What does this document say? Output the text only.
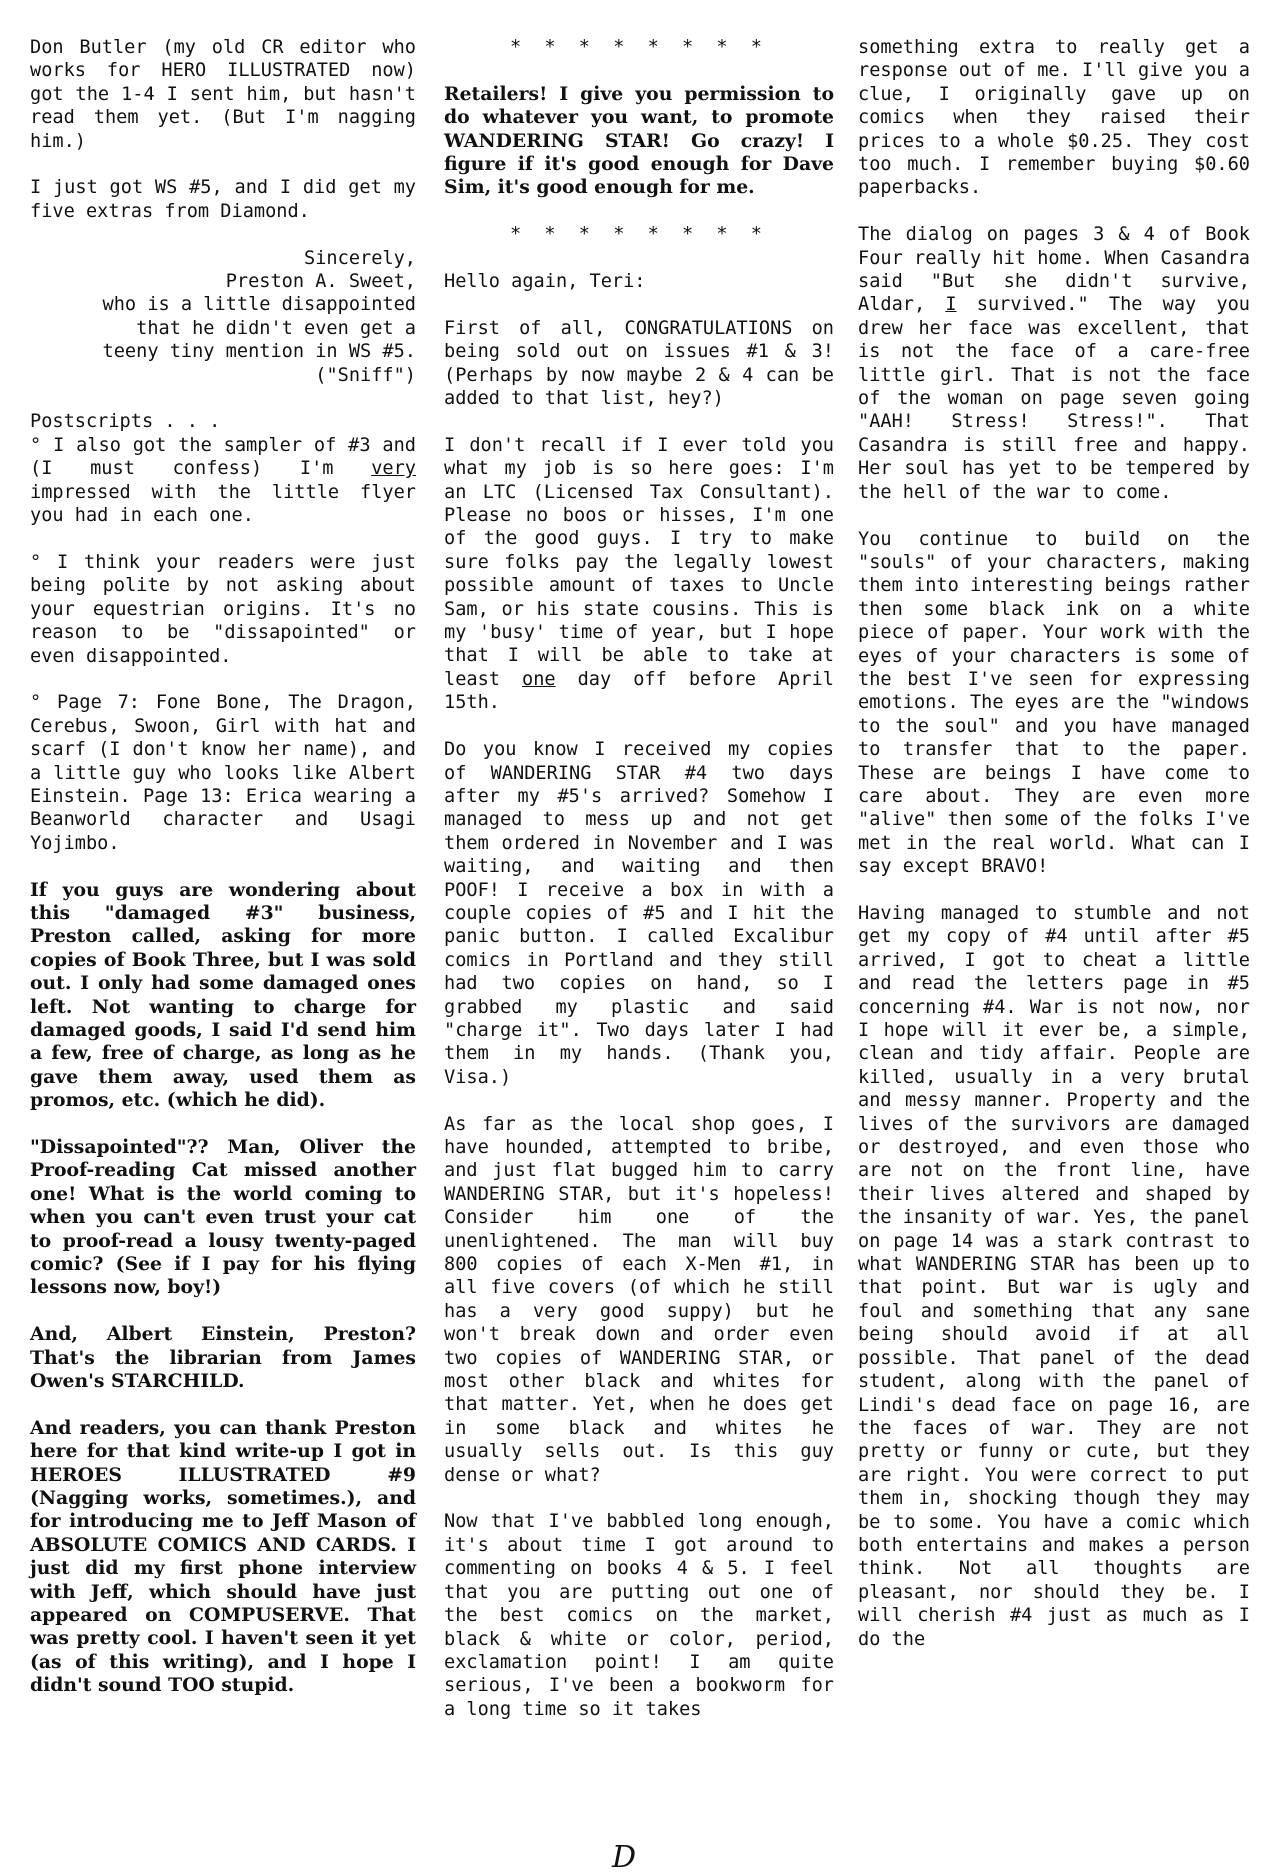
Don Butler (my old CR editor who works for HERO ILLUSTRATED now) got the 1-4 I sent him, but hasn't read them yet. (But I'm nagging him.)

I just got WS #5, and I did get my five extras from Diamond.

Sincerely,
Preston A. Sweet,
who is a little disappointed
that he didn't even get a
teeny tiny mention in WS #5.
("Sniff")

Postscripts . . .

° I also got the sampler of #3 and (I must confess) I'm very impressed with the little flyer you had in each one.

° I think your readers were just being polite by not asking about your equestrian origins. It's no reason to be "dissapointed" or even disappointed.

° Page 7: Fone Bone, The Dragon, Cerebus, Swoon, Girl with hat and scarf (I don't know her name), and a little guy who looks like Albert Einstein. Page 13: Erica wearing a Beanworld character and Usagi Yojimbo.

If you guys are wondering about this "damaged #3" business, Preston called, asking for more copies of Book Three, but I was sold out. I only had some damaged ones left. Not wanting to charge for damaged goods, I said I'd send him a few, free of charge, as long as he gave them away, used them as promos, etc. (which he did).

"Dissapointed"?? Man, Oliver the Proof-reading Cat missed another one! What is the world coming to when you can't even trust your cat to proof-read a lousy twenty-paged comic? (See if I pay for his flying lessons now, boy!)

And, Albert Einstein, Preston? That's the librarian from James Owen's STARCHILD.

And readers, you can thank Preston here for that kind write-up I got in HEROES ILLUSTRATED #9 (Nagging works, sometimes.), and for introducing me to Jeff Mason of ABSOLUTE COMICS AND CARDS. I just did my first phone interview with Jeff, which should have just appeared on COMPUSERVE. That was pretty cool. I haven't seen it yet (as of this writing), and I hope I didn't sound TOO stupid.

* * * * * * * *

Retailers! I give you permission to do whatever you want, to promote WANDERING STAR! Go crazy! I figure if it's good enough for Dave Sim, it's good enough for me.

* * * * * * * *

Hello again, Teri:

First of all, CONGRATULATIONS on being sold out on issues #1 & 3! (Perhaps by now maybe 2 & 4 can be added to that list, hey?)

I don't recall if I ever told you what my job is so here goes: I'm an LTC (Licensed Tax Consultant). Please no boos or hisses, I'm one of the good guys. I try to make sure folks pay the legally lowest possible amount of taxes to Uncle Sam, or his state cousins. This is my 'busy' time of year, but I hope that I will be able to take at least one day off before April 15th.

Do you know I received my copies of WANDERING STAR #4 two days after my #5's arrived? Somehow I managed to mess up and not get them ordered in November and I was waiting, and waiting and then POOF! I receive a box in with a couple copies of #5 and I hit the panic button. I called Excalibur comics in Portland and they still had two copies on hand, so I grabbed my plastic and said "charge it". Two days later I had them in my hands. (Thank you, Visa.)

As far as the local shop goes, I have hounded, attempted to bribe, and just flat bugged him to carry WANDERING STAR, but it's hopeless! Consider him one of the unenlightened. The man will buy 800 copies of each X-Men #1, in all five covers (of which he still has a very good suppy) but he won't break down and order even two copies of WANDERING STAR, or most other black and whites for that matter. Yet, when he does get in some black and whites he usually sells out. Is this guy dense or what?

Now that I've babbled long enough, it's about time I got around to commenting on books 4 & 5. I feel that you are putting out one of the best comics on the market, black & white or color, period, exclamation point! I am quite serious, I've been a bookworm for a long time so it takes

something extra to really get a response out of me. I'll give you a clue, I originally gave up on comics when they raised their prices to a whole $0.25. They cost too much. I remember buying $0.60 paperbacks.

The dialog on pages 3 & 4 of Book Four really hit home. When Casandra said "But she didn't survive, Aldar, I survived." The way you drew her face was excellent, that is not the face of a care-free little girl. That is not the face of the woman on page seven going "AAH! Stress! Stress!". That Casandra is still free and happy. Her soul has yet to be tempered by the hell of the war to come.

You continue to build on the "souls" of your characters, making them into interesting beings rather then some black ink on a white piece of paper. Your work with the eyes of your characters is some of the best I've seen for expressing emotions. The eyes are the "windows to the soul" and you have managed to transfer that to the paper. These are beings I have come to care about. They are even more "alive" then some of the folks I've met in the real world. What can I say except BRAVO!

Having managed to stumble and not get my copy of #4 until after #5 arrived, I got to cheat a little and read the letters page in #5 concerning #4. War is not now, nor I hope will it ever be, a simple, clean and tidy affair. People are killed, usually in a very brutal and messy manner. Property and the lives of the survivors are damaged or destroyed, and even those who are not on the front line, have their lives altered and shaped by the insanity of war. Yes, the panel on page 14 was a stark contrast to what WANDERING STAR has been up to that point. But war is ugly and foul and something that any sane being should avoid if at all possible. That panel of the dead student, along with the panel of Lindi's dead face on page 16, are the faces of war. They are not pretty or funny or cute, but they are right. You were correct to put them in, shocking though they may be to some. You have a comic which both entertains and makes a person think. Not all thoughts are pleasant, nor should they be. I will cherish #4 just as much as I do the

D
